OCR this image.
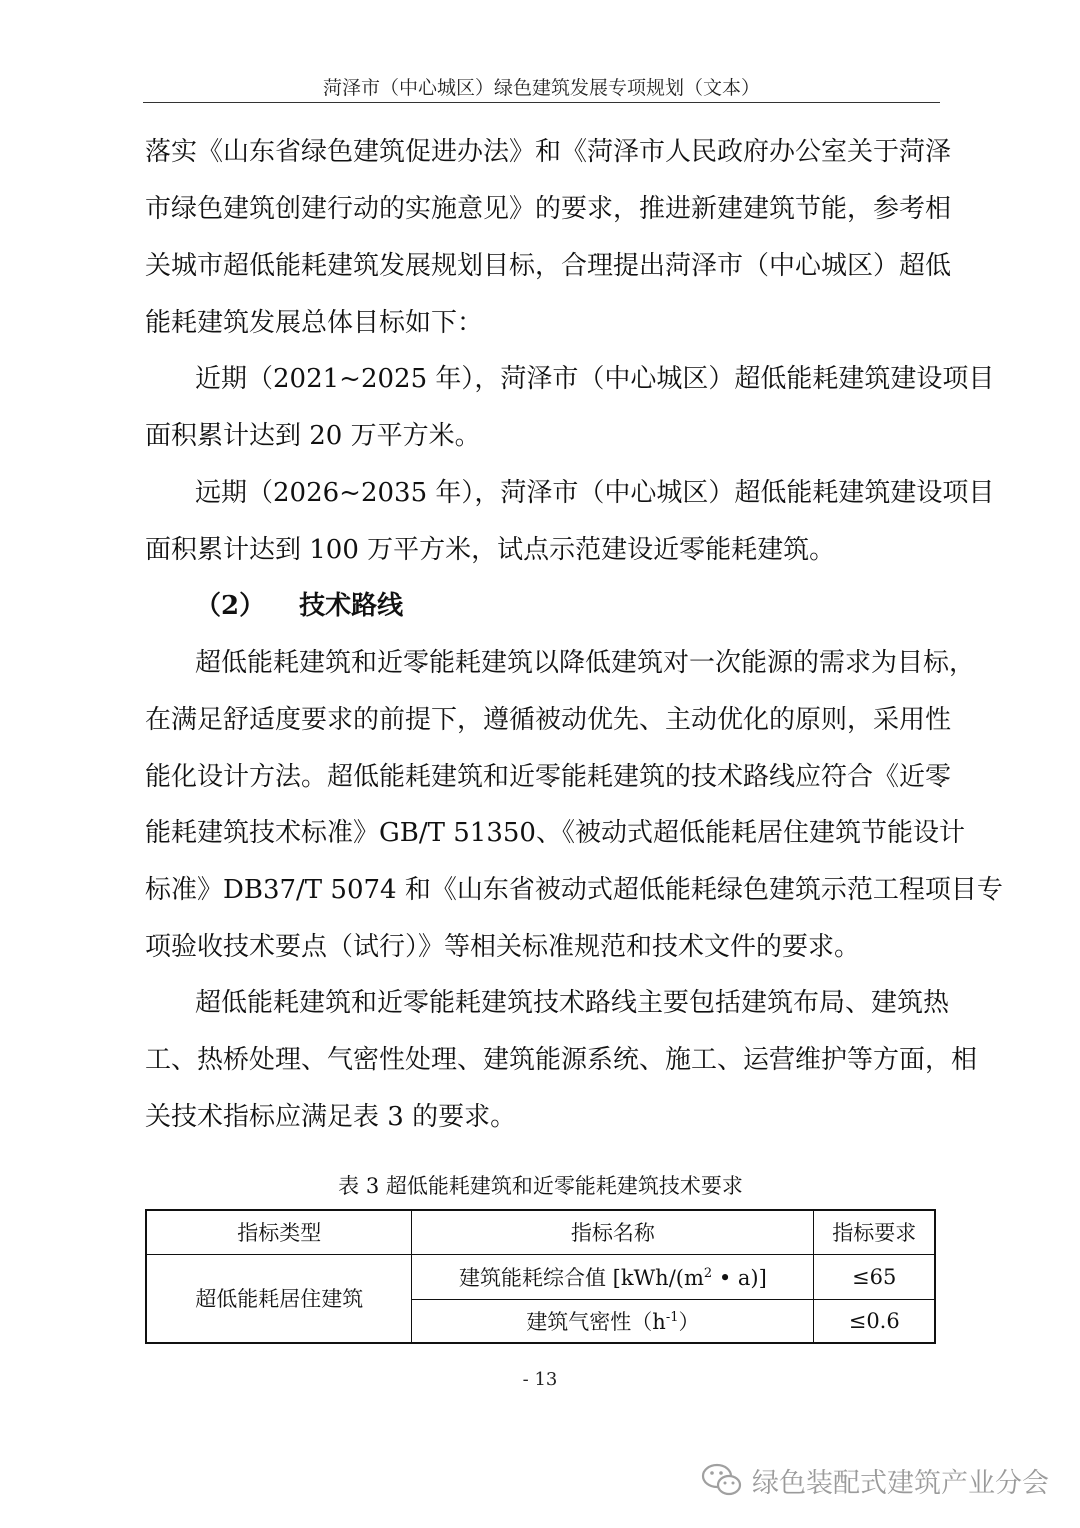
菏泽市（中心城区）绿色建筑发展专项规划（文本）
落实《山东省绿色建筑促进办法》和《菏泽市人民政府办公室关于菏泽
市绿色建筑创建行动的实施意见》的要求，推进新建建筑节能，参考相
关城市超低能耗建筑发展规划目标，合理提出菏泽市（中心城区）超低
能耗建筑发展总体目标如下：
近期（2021~2025 年），菏泽市（中心城区）超低能耗建筑建设项目
面积累计达到 20 万平方米。
远期（2026~2035 年），菏泽市（中心城区）超低能耗建筑建设项目
面积累计达到 100 万平方米，试点示范建设近零能耗建筑。
（2） 技术路线
超低能耗建筑和近零能耗建筑以降低建筑对一次能源的需求为目标，
在满足舒适度要求的前提下，遵循被动优先、主动优化的原则，采用性
能化设计方法。超低能耗建筑和近零能耗建筑的技术路线应符合《近零
能耗建筑技术标准》GB/T 51350、《被动式超低能耗居住建筑节能设计
标准》DB37/T 5074 和《山东省被动式超低能耗绿色建筑示范工程项目专
项验收技术要点（试行）》等相关标准规范和技术文件的要求。
超低能耗建筑和近零能耗建筑技术路线主要包括建筑布局、建筑热
工、热桥处理、气密性处理、建筑能源系统、施工、运营维护等方面，相
关技术指标应满足表 3 的要求。
表 3 超低能耗建筑和近零能耗建筑技术要求
指标类型	指标名称	指标要求
超低能耗居住建筑	建筑能耗综合值 [$kWh/(m^2$ • a)]	≤65
	建筑气密性$(h^{-1})$	≤0.6
- 13
绿色装配式建筑产业分会
